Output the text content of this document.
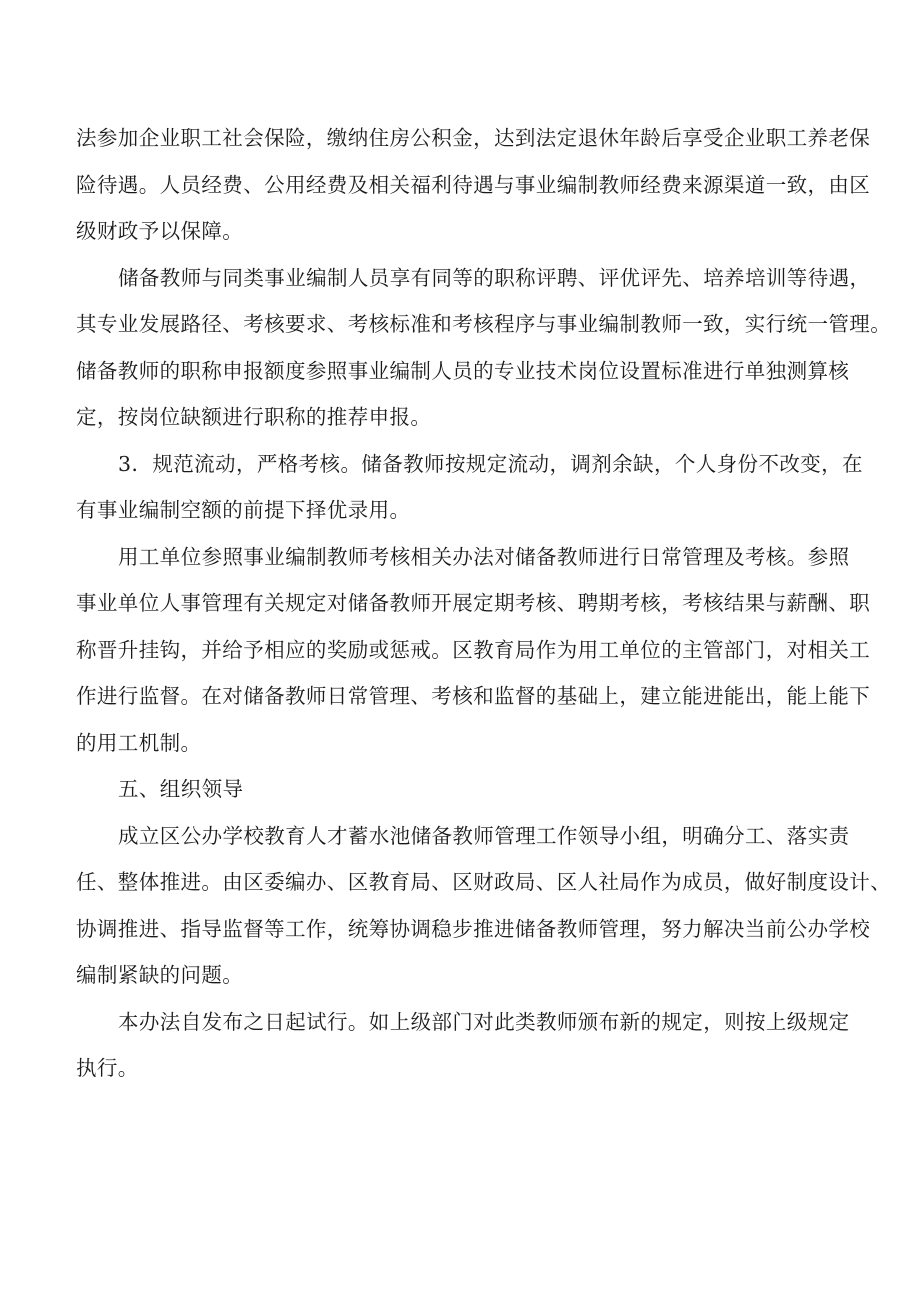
法参加企业职工社会保险，缴纳住房公积金，达到法定退休年龄后享受企业职工养老保
险待遇。人员经费、公用经费及相关福利待遇与事业编制教师经费来源渠道一致，由区
级财政予以保障。

储备教师与同类事业编制人员享有同等的职称评聘、评优评先、培养培训等待遇，
其专业发展路径、考核要求、考核标准和考核程序与事业编制教师一致，实行统一管理。
储备教师的职称申报额度参照事业编制人员的专业技术岗位设置标准进行单独测算核
定，按岗位缺额进行职称的推荐申报。

3．规范流动，严格考核。储备教师按规定流动，调剂余缺，个人身份不改变，在
有事业编制空额的前提下择优录用。

用工单位参照事业编制教师考核相关办法对储备教师进行日常管理及考核。参照
事业单位人事管理有关规定对储备教师开展定期考核、聘期考核，考核结果与薪酬、职
称晋升挂钩，并给予相应的奖励或惩戒。区教育局作为用工单位的主管部门，对相关工
作进行监督。在对储备教师日常管理、考核和监督的基础上，建立能进能出，能上能下
的用工机制。

五、组织领导

成立区公办学校教育人才蓄水池储备教师管理工作领导小组，明确分工、落实责
任、整体推进。由区委编办、区教育局、区财政局、区人社局作为成员，做好制度设计、
协调推进、指导监督等工作，统筹协调稳步推进储备教师管理，努力解决当前公办学校
编制紧缺的问题。

本办法自发布之日起试行。如上级部门对此类教师颁布新的规定，则按上级规定
执行。
